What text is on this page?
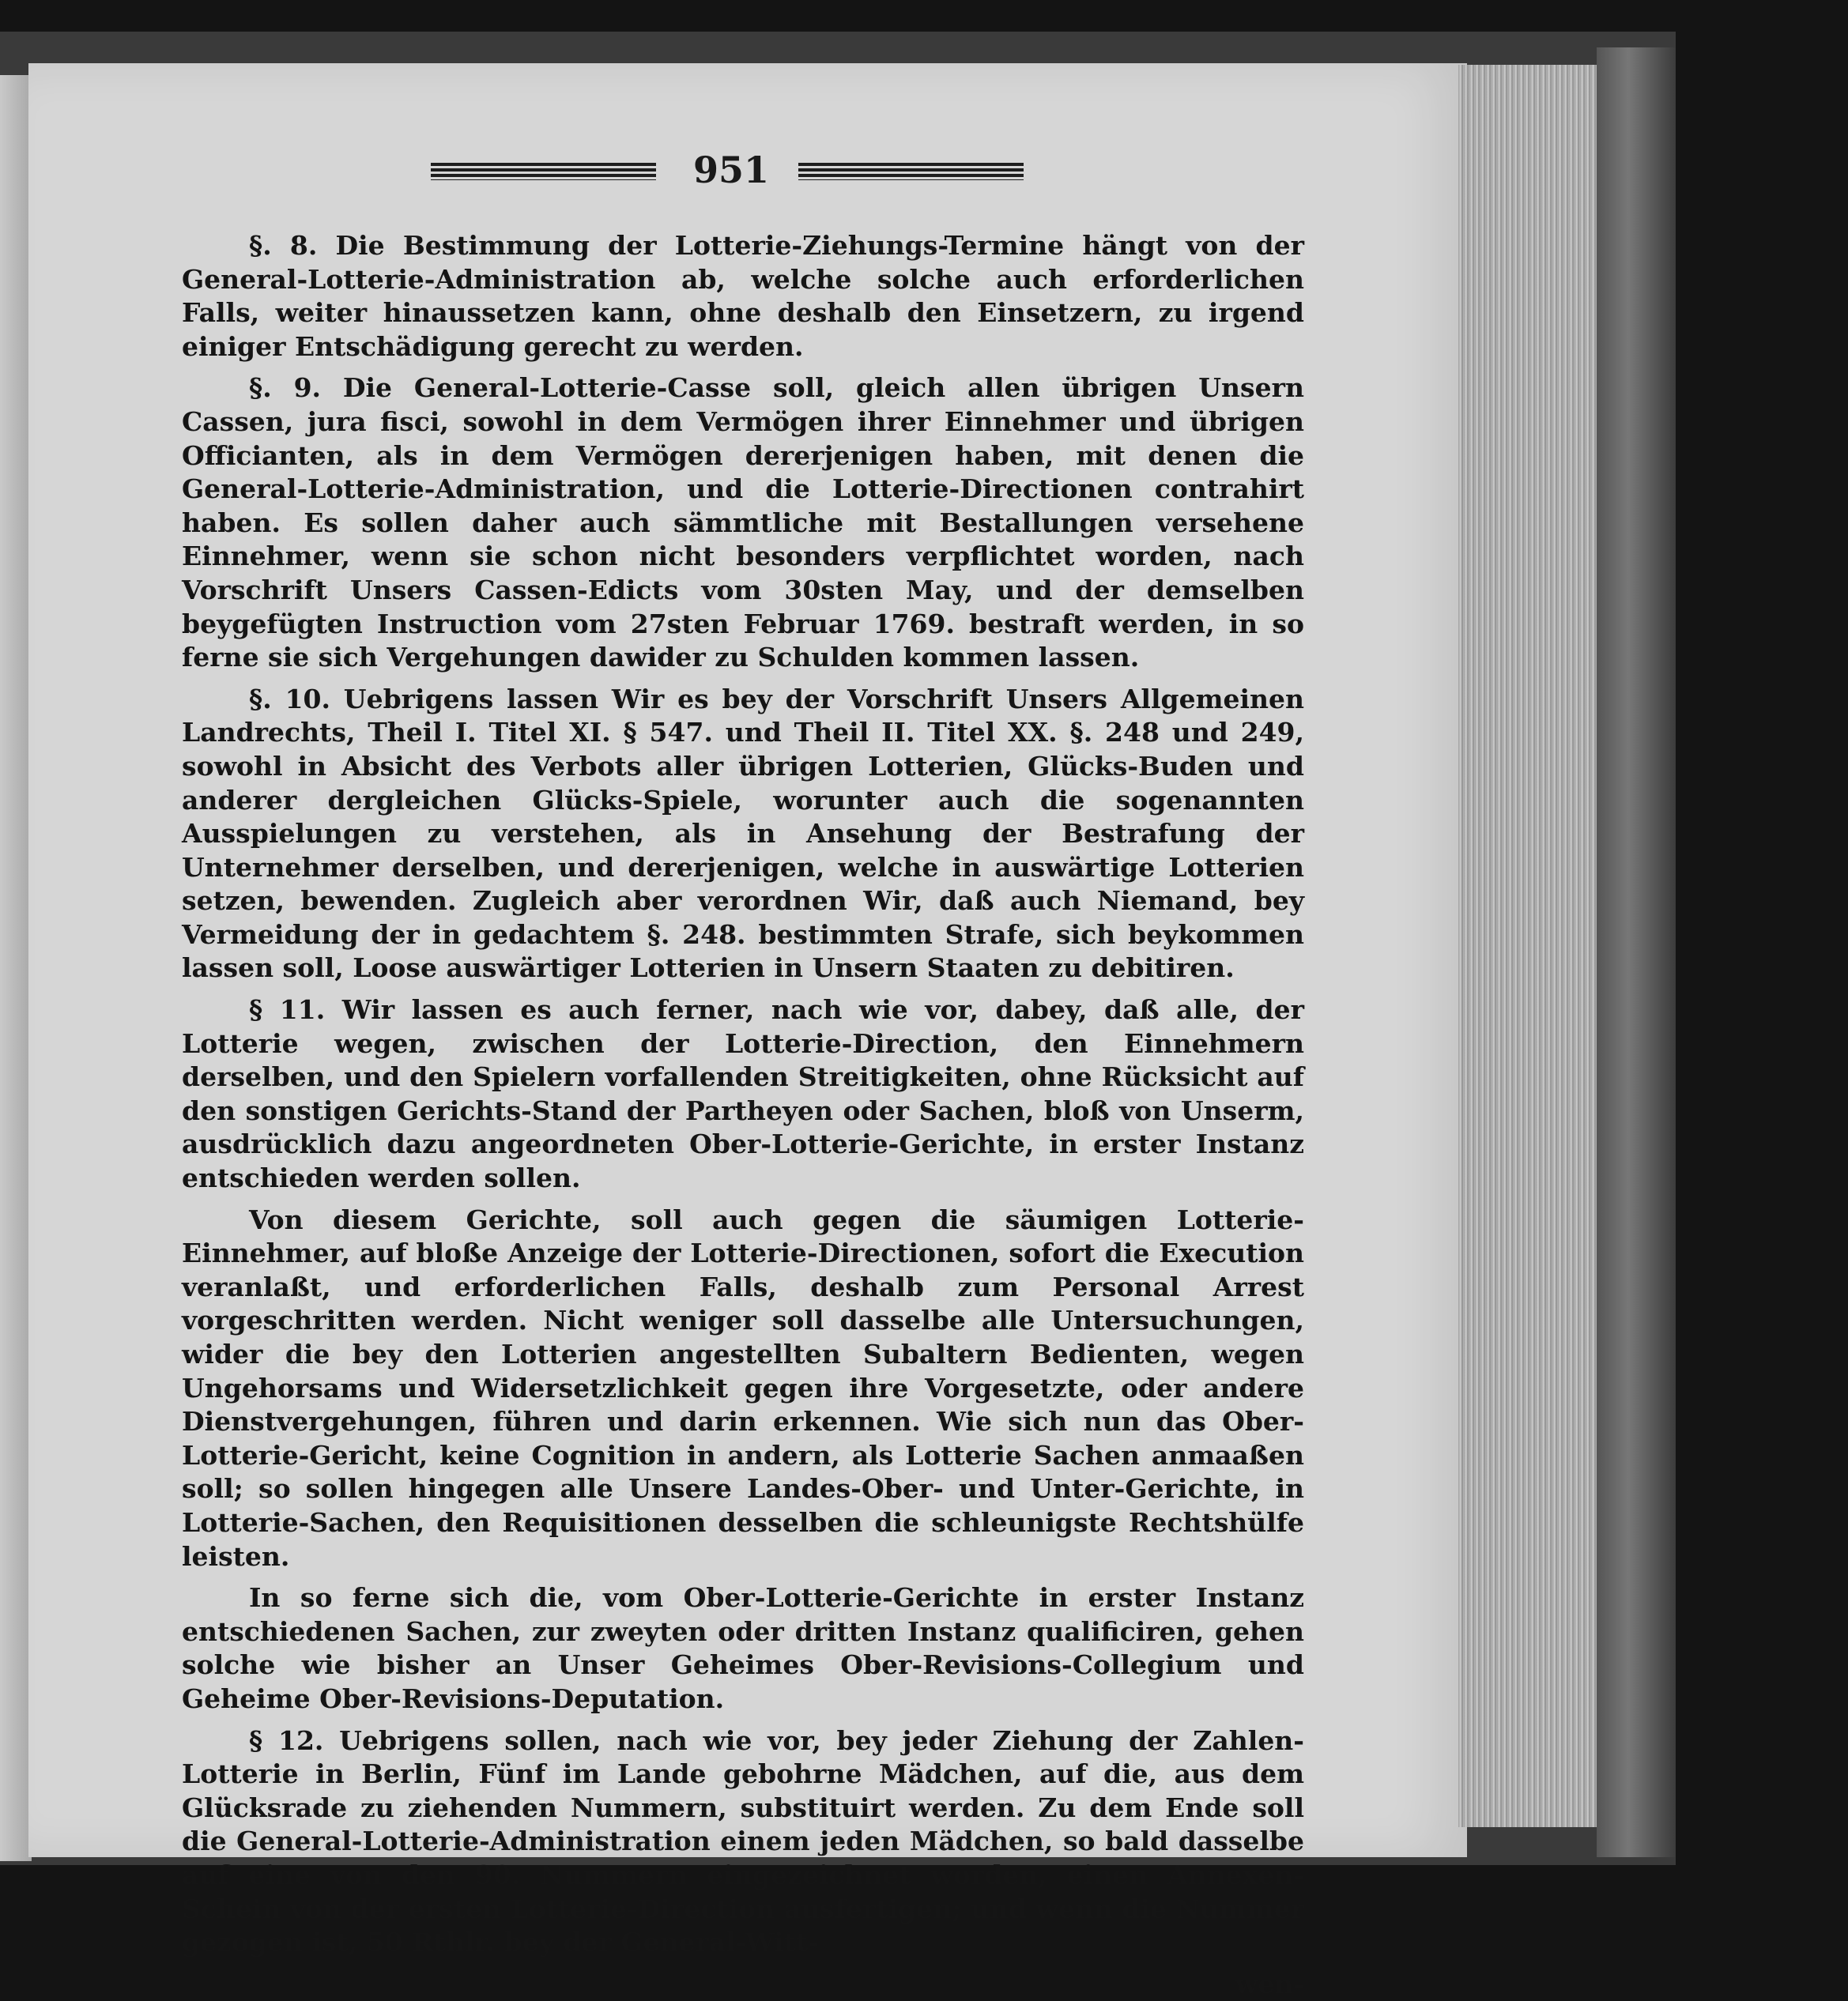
951

§. 8. Die Bestimmung der Lotterie-Ziehungs-Termine hängt von der General-Lotterie-Administration ab, welche solche auch erforderlichen Falls, weiter hinaussetzen kann, ohne deshalb den Einsetzern, zu irgend einiger Entschädigung gerecht zu werden.

§. 9. Die General-Lotterie-Casse soll, gleich allen übrigen Unsern Cassen, jura fisci, sowohl in dem Vermögen ihrer Einnehmer und übrigen Officianten, als in dem Vermögen dererjenigen haben, mit denen die General-Lotterie-Administration, und die Lotterie-Directionen contrahirt haben. Es sollen daher auch sämmtliche mit Bestallungen versehene Einnehmer, wenn sie schon nicht besonders verpflichtet worden, nach Vorschrift Unsers Cassen-Edicts vom 30sten May, und der demselben beygefügten Instruction vom 27sten Februar 1769. bestraft werden, in so ferne sie sich Vergehungen dawider zu Schulden kommen lassen.

§. 10. Uebrigens lassen Wir es bey der Vorschrift Unsers Allgemeinen Landrechts, Theil I. Titel XI. § 547. und Theil II. Titel XX. §. 248 und 249, sowohl in Absicht des Verbots aller übrigen Lotterien, Glücks-Buden und anderer dergleichen Glücks-Spiele, worunter auch die sogenannten Ausspielungen zu verstehen, als in Ansehung der Bestrafung der Unternehmer derselben, und dererjenigen, welche in auswärtige Lotterien setzen, bewenden. Zugleich aber verordnen Wir, daß auch Niemand, bey Vermeidung der in gedachtem §. 248. bestimmten Strafe, sich beykommen lassen soll, Loose auswärtiger Lotterien in Unsern Staaten zu debitiren.

§ 11. Wir lassen es auch ferner, nach wie vor, dabey, daß alle, der Lotterie wegen, zwischen der Lotterie-Direction, den Einnehmern derselben, und den Spielern vorfallenden Streitigkeiten, ohne Rücksicht auf den sonstigen Gerichts-Stand der Partheyen oder Sachen, bloß von Unserm, ausdrücklich dazu angeordneten Ober-Lotterie-Gerichte, in erster Instanz entschieden werden sollen.

Von diesem Gerichte, soll auch gegen die säumigen Lotterie-Einnehmer, auf bloße Anzeige der Lotterie-Directionen, sofort die Execution veranlaßt, und erforderlichen Falls, deshalb zum Personal Arrest vorgeschritten werden. Nicht weniger soll dasselbe alle Untersuchungen, wider die bey den Lotterien angestellten Subaltern Bedienten, wegen Ungehorsams und Widersetzlichkeit gegen ihre Vorgesetzte, oder andere Dienstvergehungen, führen und darin erkennen. Wie sich nun das Ober-Lotterie-Gericht, keine Cognition in andern, als Lotterie Sachen anmaaßen soll; so sollen hingegen alle Unsere Landes-Ober- und Unter-Gerichte, in Lotterie-Sachen, den Requisitionen desselben die schleunigste Rechtshülfe leisten.

In so ferne sich die, vom Ober-Lotterie-Gerichte in erster Instanz entschiedenen Sachen, zur zweyten oder dritten Instanz qualificiren, gehen solche wie bisher an Unser Geheimes Ober-Revisions-Collegium und Geheime Ober-Revisions-Deputation.

§ 12. Uebrigens sollen, nach wie vor, bey jeder Ziehung der Zahlen-Lotterie in Berlin, Fünf im Lande gebohrne Mädchen, auf die, aus dem Glücksrade zu ziehenden Nummern, substituirt werden. Zu dem Ende soll die General-Lotterie-Administration einem jeden Mädchen, so bald dasselbe auf eine von den 90. Nummern eingezeichnet worden, einen Annexen-Schein von der ersten Lotterie-Direction ausfertigen; und wenn die Nummer gezogen ist, 50 Rthlr. bey der General-Witt-

wen-
